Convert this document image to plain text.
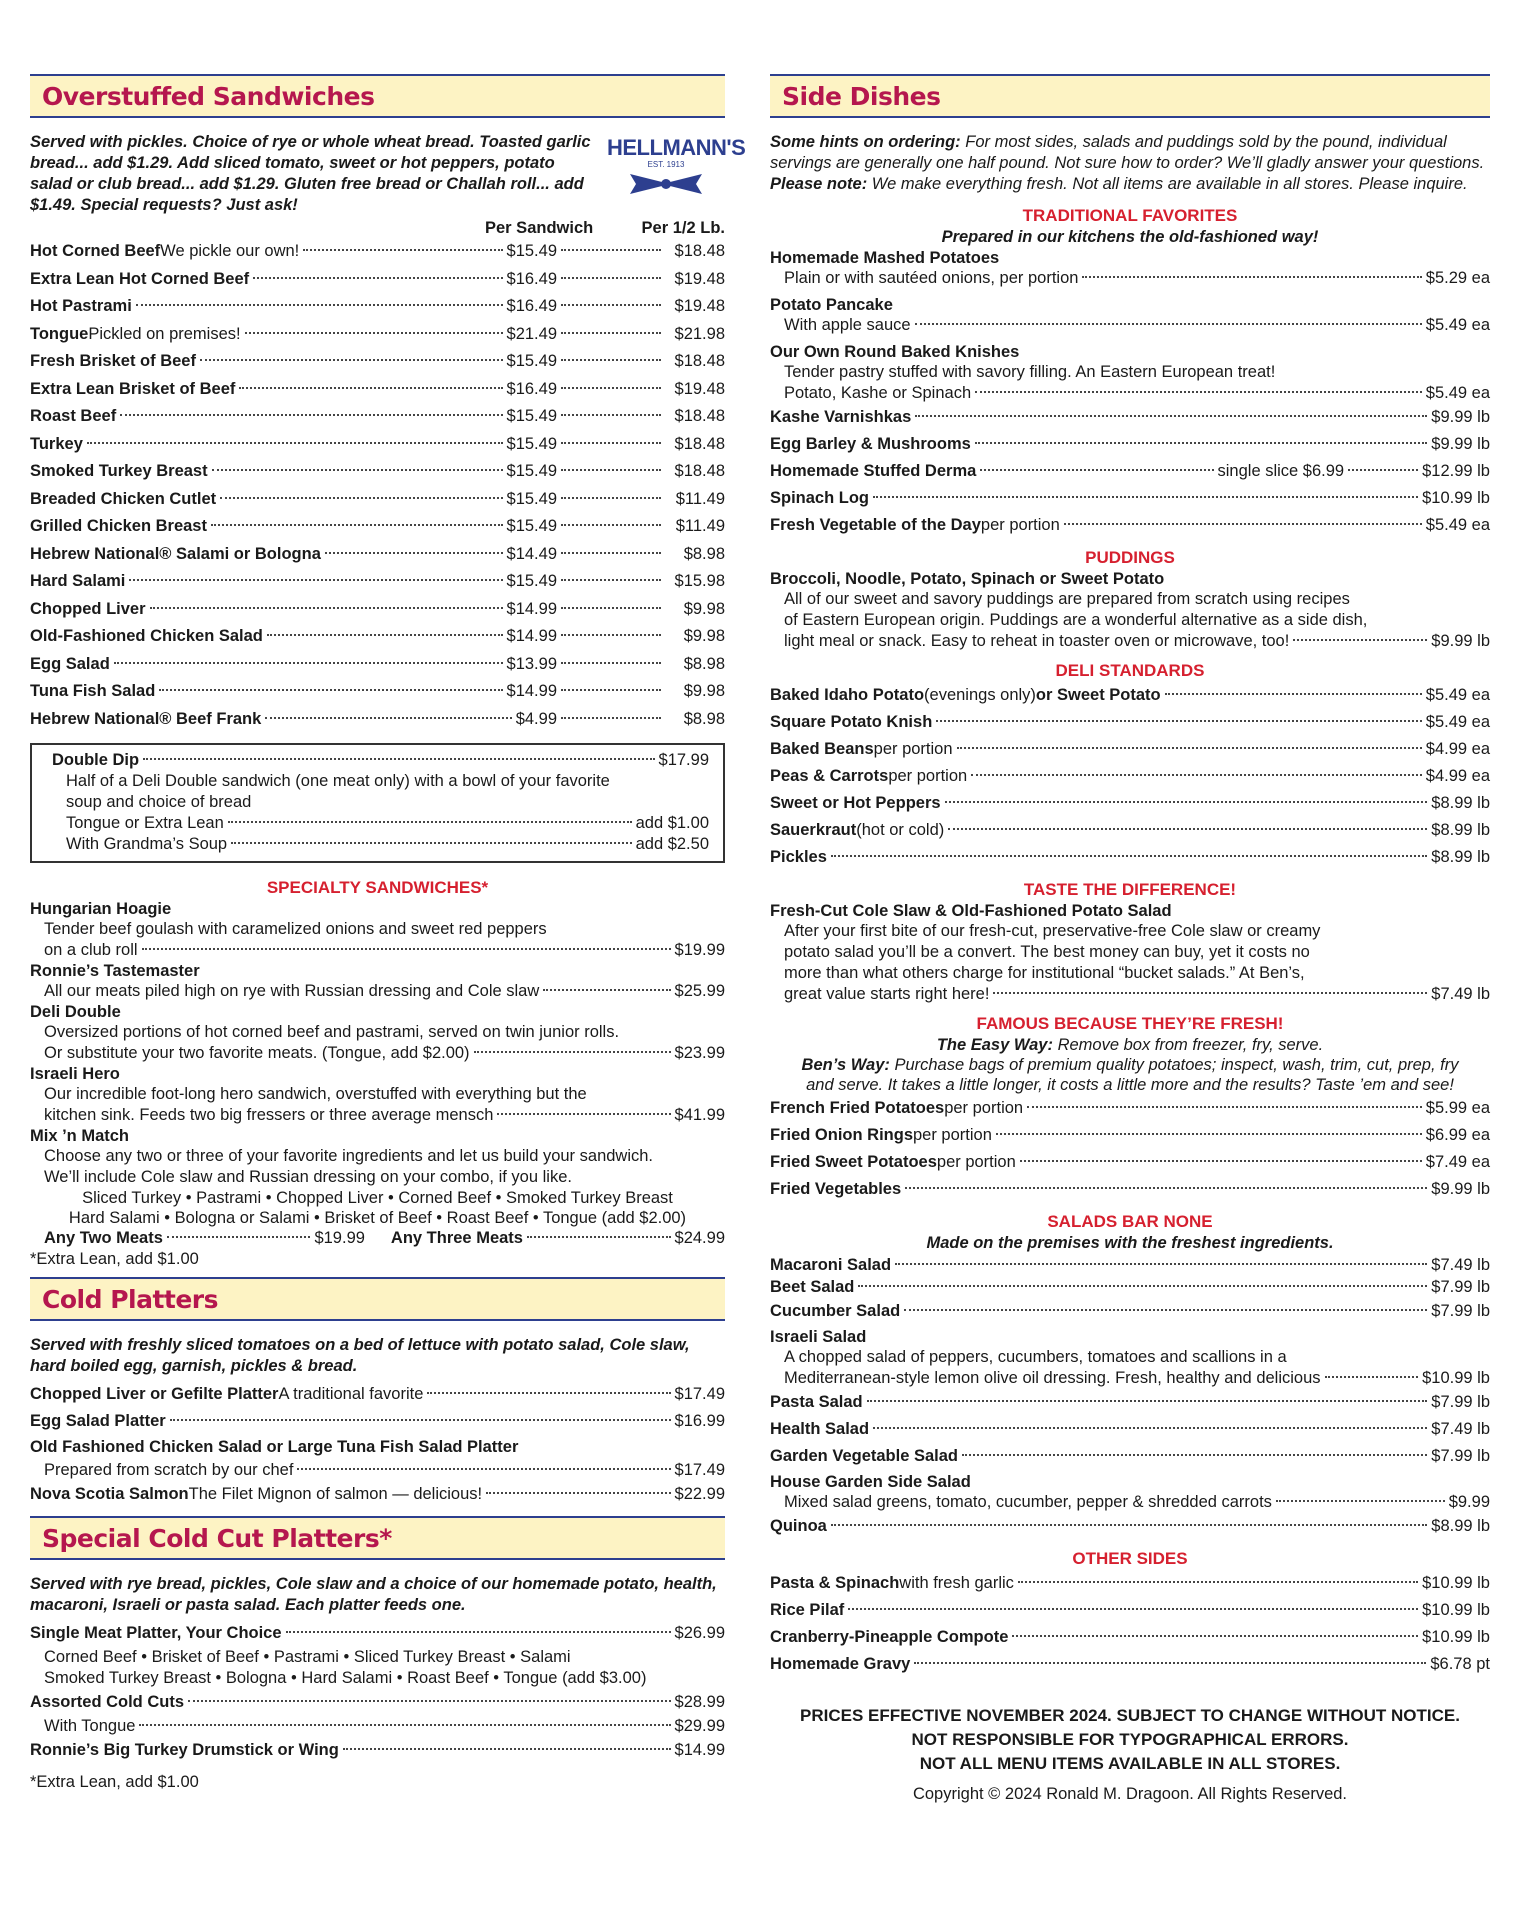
Overstuffed Sandwiches
Served with pickles. Choice of rye or whole wheat bread. Toasted garlic bread... add $1.29. Add sliced tomato, sweet or hot peppers, potato salad or club bread... add $1.29. Gluten free bread or Challah roll... add $1.49. Special requests? Just ask!
HELLMANN'S
EST. 1913
Per Sandwich	Per 1/2 Lb.
Hot Corned Beef We pickle our own!	$15.49	$18.48
Extra Lean Hot Corned Beef	$16.49	$19.48
Hot Pastrami	$16.49	$19.48
Tongue Pickled on premises!	$21.49	$21.98
Fresh Brisket of Beef	$15.49	$18.48
Extra Lean Brisket of Beef	$16.49	$19.48
Roast Beef	$15.49	$18.48
Turkey	$15.49	$18.48
Smoked Turkey Breast	$15.49	$18.48
Breaded Chicken Cutlet	$15.49	$11.49
Grilled Chicken Breast	$15.49	$11.49
Hebrew National® Salami or Bologna	$14.49	$8.98
Hard Salami	$15.49	$15.98
Chopped Liver	$14.99	$9.98
Old-Fashioned Chicken Salad	$14.99	$9.98
Egg Salad	$13.99	$8.98
Tuna Fish Salad	$14.99	$9.98
Hebrew National® Beef Frank	$4.99	$8.98
Double Dip	$17.99
Half of a Deli Double sandwich (one meat only) with a bowl of your favorite
soup and choice of bread
Tongue or Extra Lean	add $1.00
With Grandma’s Soup	add $2.50
SPECIALTY SANDWICHES*
Hungarian Hoagie
Tender beef goulash with caramelized onions and sweet red peppers
on a club roll	$19.99
Ronnie’s Tastemaster
All our meats piled high on rye with Russian dressing and Cole slaw	$25.99
Deli Double
Oversized portions of hot corned beef and pastrami, served on twin junior rolls.
Or substitute your two favorite meats. (Tongue, add $2.00)	$23.99
Israeli Hero
Our incredible foot-long hero sandwich, overstuffed with everything but the
kitchen sink. Feeds two big fressers or three average mensch	$41.99
Mix ’n Match
Choose any two or three of your favorite ingredients and let us build your sandwich.
We’ll include Cole slaw and Russian dressing on your combo, if you like.
Sliced Turkey • Pastrami • Chopped Liver • Corned Beef • Smoked Turkey Breast
Hard Salami • Bologna or Salami • Brisket of Beef • Roast Beef • Tongue (add $2.00)
Any Two Meats	$19.99 Any Three Meats	$24.99
*Extra Lean, add $1.00
Cold Platters
Served with freshly sliced tomatoes on a bed of lettuce with potato salad, Cole slaw, hard boiled egg, garnish, pickles & bread.
Chopped Liver or Gefilte Platter A traditional favorite	$17.49
Egg Salad Platter	$16.99
Old Fashioned Chicken Salad or Large Tuna Fish Salad Platter
Prepared from scratch by our chef	$17.49
Nova Scotia Salmon The Filet Mignon of salmon — delicious!	$22.99
Special Cold Cut Platters*
Served with rye bread, pickles, Cole slaw and a choice of our homemade potato, health, macaroni, Israeli or pasta salad. Each platter feeds one.
Single Meat Platter, Your Choice	$26.99
Corned Beef • Brisket of Beef • Pastrami • Sliced Turkey Breast • Salami
Smoked Turkey Breast • Bologna • Hard Salami • Roast Beef • Tongue (add $3.00)
Assorted Cold Cuts	$28.99
With Tongue	$29.99
Ronnie’s Big Turkey Drumstick or Wing	$14.99
*Extra Lean, add $1.00
Side Dishes
Some hints on ordering: For most sides, salads and puddings sold by the pound, individual servings are generally one half pound. Not sure how to order? We’ll gladly answer your questions.
Please note: We make everything fresh. Not all items are available in all stores. Please inquire.
TRADITIONAL FAVORITES
Prepared in our kitchens the old-fashioned way!
Homemade Mashed Potatoes
Plain or with sautéed onions, per portion	$5.29 ea
Potato Pancake
With apple sauce	$5.49 ea
Our Own Round Baked Knishes
Tender pastry stuffed with savory filling. An Eastern European treat!
Potato, Kashe or Spinach	$5.49 ea
Kashe Varnishkas	$9.99 lb
Egg Barley & Mushrooms	$9.99 lb
Homemade Stuffed Derma	single slice $6.99	$12.99 lb
Spinach Log	$10.99 lb
Fresh Vegetable of the Day per portion	$5.49 ea
PUDDINGS
Broccoli, Noodle, Potato, Spinach or Sweet Potato
All of our sweet and savory puddings are prepared from scratch using recipes
of Eastern European origin. Puddings are a wonderful alternative as a side dish,
light meal or snack. Easy to reheat in toaster oven or microwave, too!	$9.99 lb
DELI STANDARDS
Baked Idaho Potato (evenings only) or Sweet Potato	$5.49 ea
Square Potato Knish	$5.49 ea
Baked Beans per portion	$4.99 ea
Peas & Carrots per portion	$4.99 ea
Sweet or Hot Peppers	$8.99 lb
Sauerkraut (hot or cold)	$8.99 lb
Pickles	$8.99 lb
TASTE THE DIFFERENCE!
Fresh-Cut Cole Slaw & Old-Fashioned Potato Salad
After your first bite of our fresh-cut, preservative-free Cole slaw or creamy
potato salad you’ll be a convert. The best money can buy, yet it costs no
more than what others charge for institutional “bucket salads.” At Ben’s,
great value starts right here!	$7.49 lb
FAMOUS BECAUSE THEY’RE FRESH!
The Easy Way: Remove box from freezer, fry, serve.
Ben’s Way: Purchase bags of premium quality potatoes; inspect, wash, trim, cut, prep, fry
and serve. It takes a little longer, it costs a little more and the results? Taste ’em and see!
French Fried Potatoes per portion	$5.99 ea
Fried Onion Rings per portion	$6.99 ea
Fried Sweet Potatoes per portion	$7.49 ea
Fried Vegetables	$9.99 lb
SALADS BAR NONE
Made on the premises with the freshest ingredients.
Macaroni Salad	$7.49 lb
Beet Salad	$7.99 lb
Cucumber Salad	$7.99 lb
Israeli Salad
A chopped salad of peppers, cucumbers, tomatoes and scallions in a
Mediterranean-style lemon olive oil dressing. Fresh, healthy and delicious	$10.99 lb
Pasta Salad	$7.99 lb
Health Salad	$7.49 lb
Garden Vegetable Salad	$7.99 lb
House Garden Side Salad
Mixed salad greens, tomato, cucumber, pepper & shredded carrots	$9.99
Quinoa	$8.99 lb
OTHER SIDES
Pasta & Spinach with fresh garlic	$10.99 lb
Rice Pilaf	$10.99 lb
Cranberry-Pineapple Compote	$10.99 lb
Homemade Gravy	$6.78 pt
PRICES EFFECTIVE NOVEMBER 2024. SUBJECT TO CHANGE WITHOUT NOTICE.
NOT RESPONSIBLE FOR TYPOGRAPHICAL ERRORS.
NOT ALL MENU ITEMS AVAILABLE IN ALL STORES.
Copyright © 2024 Ronald M. Dragoon. All Rights Reserved.
